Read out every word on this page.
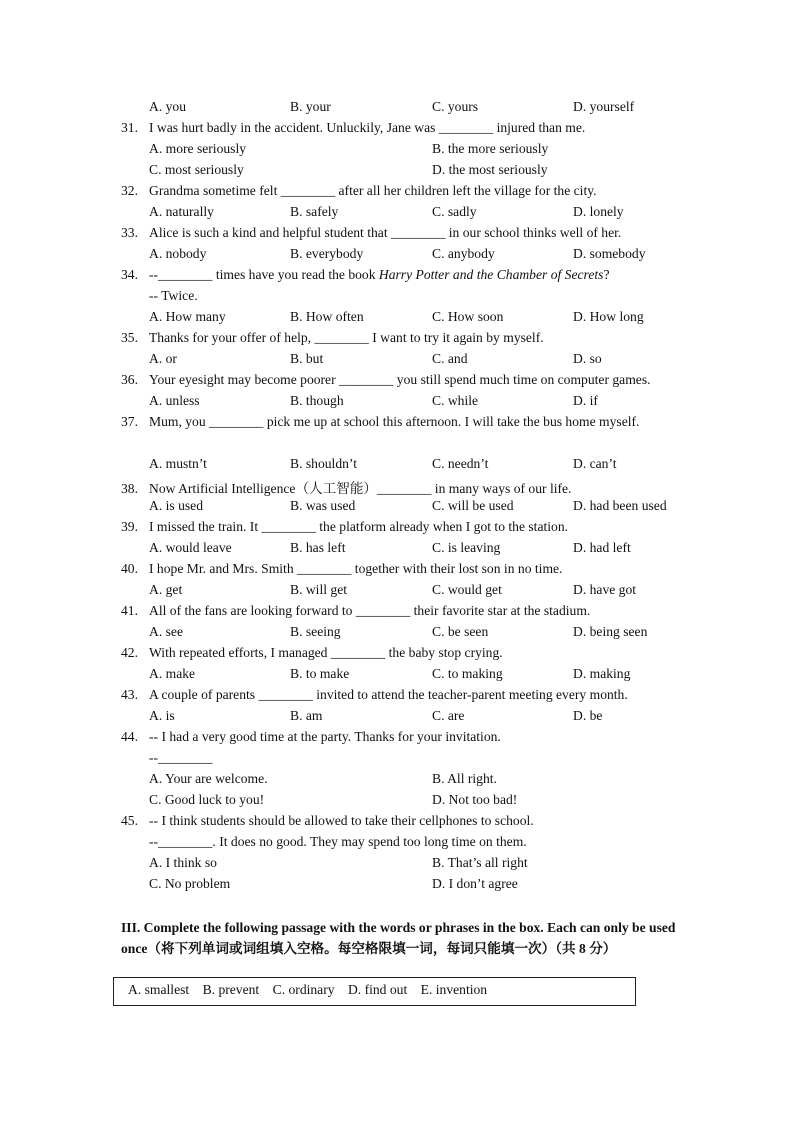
A. you	B. your	C. yours	D. yourself
31. I was hurt badly in the accident. Unluckily, Jane was ________ injured than me.
A. more seriously	B. the more seriously
C. most seriously	D. the most seriously
32. Grandma sometime felt ________ after all her children left the village for the city.
A. naturally	B. safely	C. sadly	D. lonely
33. Alice is such a kind and helpful student that ________ in our school thinks well of her.
A. nobody	B. everybody	C. anybody	D. somebody
34. --________ times have you read the book Harry Potter and the Chamber of Secrets?
-- Twice.
A. How many	B. How often	C. How soon	D. How long
35. Thanks for your offer of help, ________ I want to try it again by myself.
A. or	B. but	C. and	D. so
36. Your eyesight may become poorer ________ you still spend much time on computer games.
A. unless	B. though	C. while	D. if
37. Mum, you ________ pick me up at school this afternoon. I will take the bus home myself.
A. mustn’t	B. shouldn’t	C. needn’t	D. can’t
38. Now Artificial Intelligence（人工智能）________ in many ways of our life.
A. is used	B. was used	C. will be used	D. had been used
39. I missed the train. It ________ the platform already when I got to the station.
A. would leave	B. has left	C. is leaving	D. had left
40. I hope Mr. and Mrs. Smith ________ together with their lost son in no time.
A. get	B. will get	C. would get	D. have got
41. All of the fans are looking forward to ________ their favorite star at the stadium.
A. see	B. seeing	C. be seen	D. being seen
42. With repeated efforts, I managed ________ the baby stop crying.
A. make	B. to make	C. to making	D. making
43. A couple of parents ________ invited to attend the teacher-parent meeting every month.
A. is	B. am	C. are	D. be
44. -- I had a very good time at the party. Thanks for your invitation.
--________
A. Your are welcome.	B. All right.
C. Good luck to you!	D. Not too bad!
45. -- I think students should be allowed to take their cellphones to school.
--________. It does no good. They may spend too long time on them.
A. I think so	B. That’s all right
C. No problem	D. I don’t agree
III. Complete the following passage with the words or phrases in the box. Each can only be used once（将下列单词或词组填入空格。每空格限填一词，每词只能填一次）（共 8 分）
A. smallest B. prevent C. ordinary D. find out E. invention
